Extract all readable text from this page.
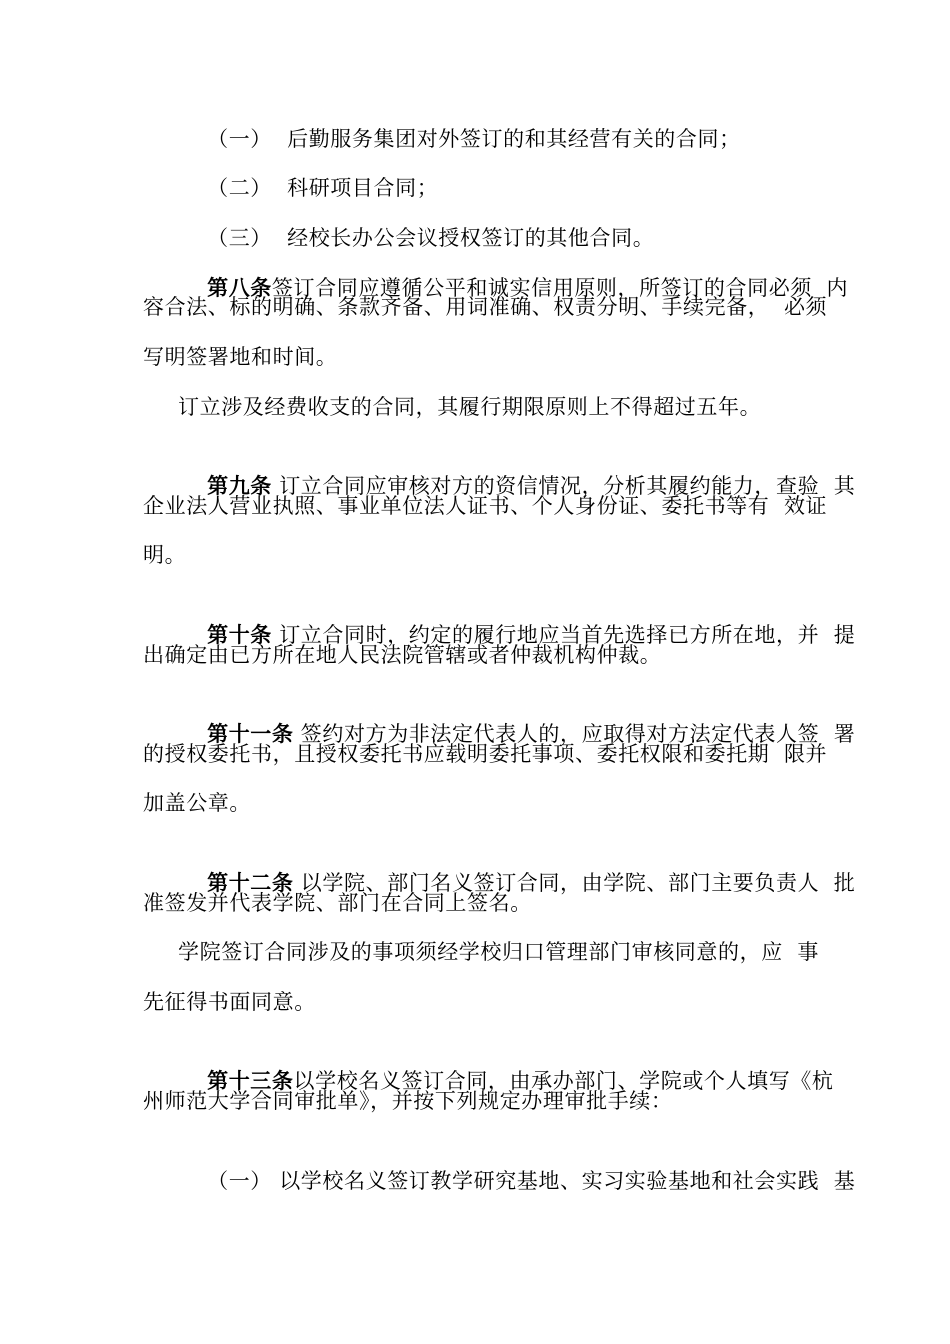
（一） 后勤服务集团对外签订的和其经营有关的合同；

（二） 科研项目合同；

（三） 经校长办公会议授权签订的其他合同。

第八条签订合同应遵循公平和诚实信用原则，所签订的合同必须  内

容合法、标的明确、条款齐备、用词准确、权责分明、手续完备，  必须
写明签署地和时间。
订立涉及经费收支的合同，其履行期限原则上不得超过五年。

第九条 订立合同应审核对方的资信情况，分析其履约能力，查验  其

企业法人营业执照、事业单位法人证书、个人身份证、委托书等有  效证
明。

第十条 订立合同时，约定的履行地应当首先选择已方所在地，并  提

出确定由已方所在地人民法院管辖或者仲裁机构仲裁。

第十一条 签约对方为非法定代表人的，应取得对方法定代表人签  署

的授权委托书，且授权委托书应载明委托事项、委托权限和委托期  限并
加盖公章。

第十二条 以学院、部门名义签订合同，由学院、部门主要负责人  批

准签发并代表学院、部门在合同上签名。
学院签订合同涉及的事项须经学校归口管理部门审核同意的，应  事
先征得书面同意。

第十三条以学校名义签订合同，由承办部门、学院或个人填写《杭

州师范大学合同审批单》，并按下列规定办理审批手续：

（一） 以学校名义签订教学研究基地、实习实验基地和社会实践  基
